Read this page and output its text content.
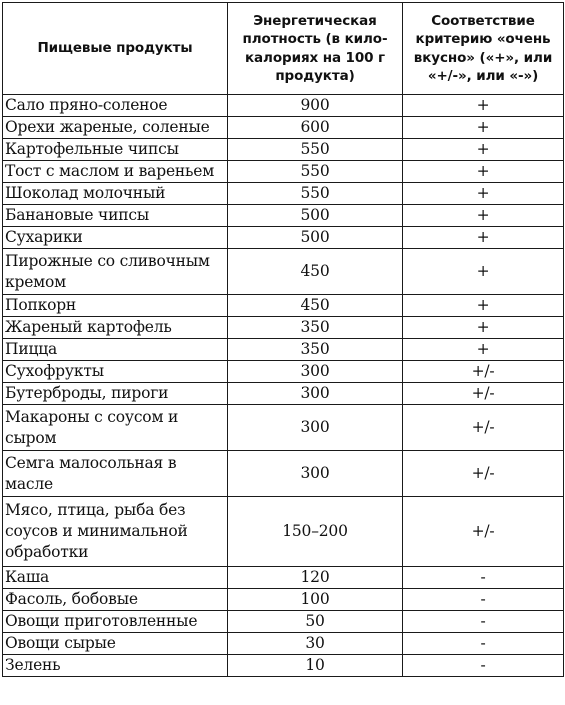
Пищевые продукты	Энергетическая плотность (в кило-калориях на 100 г продукта)	Соответствие критерию «очень вкусно» («+», или «+/-», или «-»)
Сало пряно-соленое	900	+
Орехи жареные, соленые	600	+
Картофельные чипсы	550	+
Тост с маслом и вареньем	550	+
Шоколад молочный	550	+
Банановые чипсы	500	+
Сухарики	500	+
Пирожные со сливочным кремом	450	+
Попкорн	450	+
Жареный картофель	350	+
Пицца	350	+
Сухофрукты	300	+/-
Бутерброды, пироги	300	+/-
Макароны с соусом и сыром	300	+/-
Семга малосольная в масле	300	+/-
Мясо, птица, рыба без соусов и минимальной обработки	150–200	+/-
Каша	120	-
Фасоль, бобовые	100	-
Овощи приготовленные	50	-
Овощи сырые	30	-
Зелень	10	-
